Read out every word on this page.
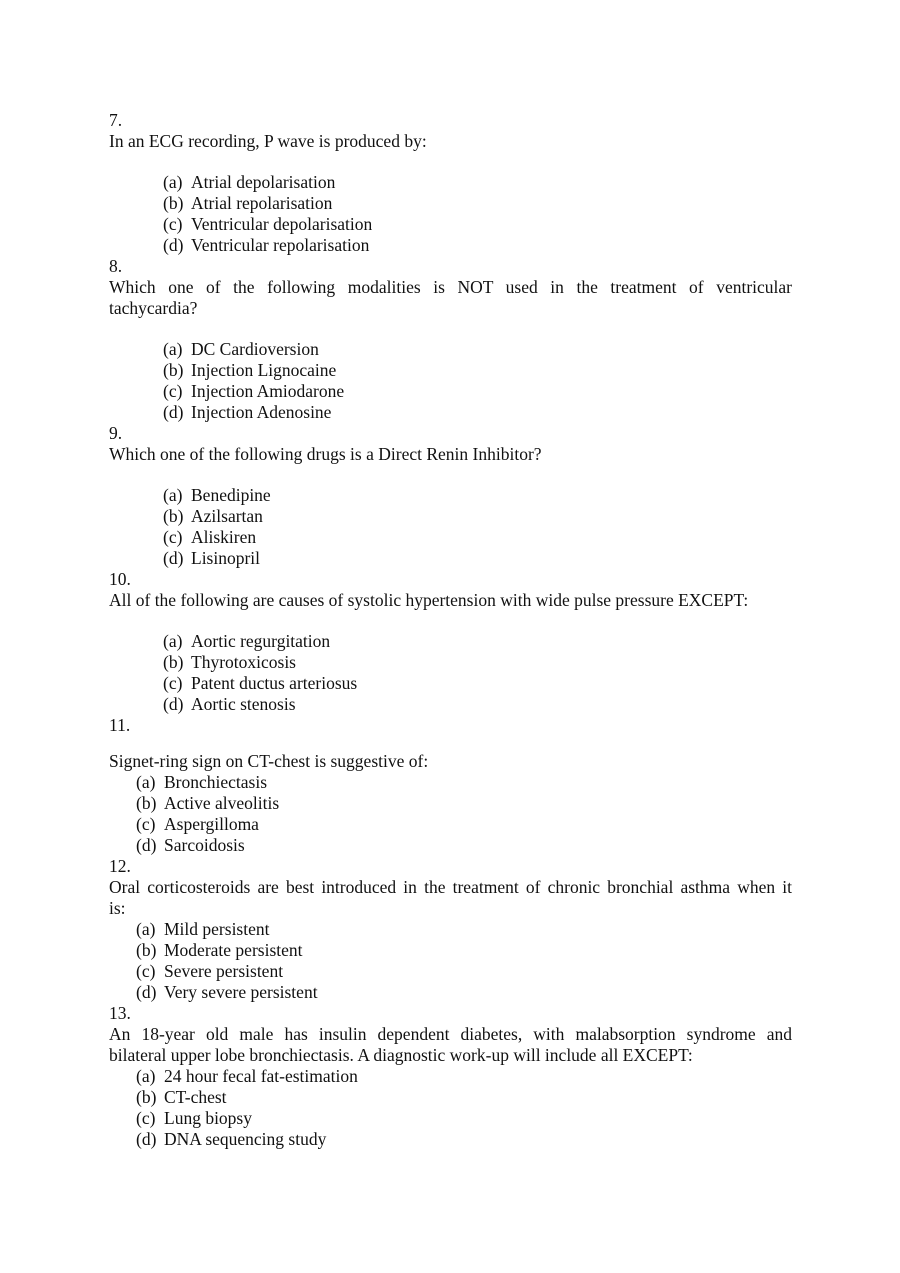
7.
In an ECG recording, P wave is produced by:
(a) Atrial depolarisation
(b) Atrial repolarisation
(c) Ventricular depolarisation
(d) Ventricular repolarisation
8.
Which one of the following modalities is NOT used in the treatment of ventricular
tachycardia?
(a) DC Cardioversion
(b) Injection Lignocaine
(c) Injection Amiodarone
(d) Injection Adenosine
9.
Which one of the following drugs is a Direct Renin Inhibitor?
(a) Benedipine
(b) Azilsartan
(c) Aliskiren
(d) Lisinopril
10.
All of the following are causes of systolic hypertension with wide pulse pressure EXCEPT:
(a) Aortic regurgitation
(b) Thyrotoxicosis
(c) Patent ductus arteriosus
(d) Aortic stenosis
11.
Signet-ring sign on CT-chest is suggestive of:
(a) Bronchiectasis
(b) Active alveolitis
(c) Aspergilloma
(d) Sarcoidosis
12.
Oral corticosteroids are best introduced in the treatment of chronic bronchial asthma when it
is:
(a) Mild persistent
(b) Moderate persistent
(c) Severe persistent
(d) Very severe persistent
13.
An 18-year old male has insulin dependent diabetes, with malabsorption syndrome and
bilateral upper lobe bronchiectasis. A diagnostic work-up will include all EXCEPT:
(a) 24 hour fecal fat-estimation
(b) CT-chest
(c) Lung biopsy
(d) DNA sequencing study
